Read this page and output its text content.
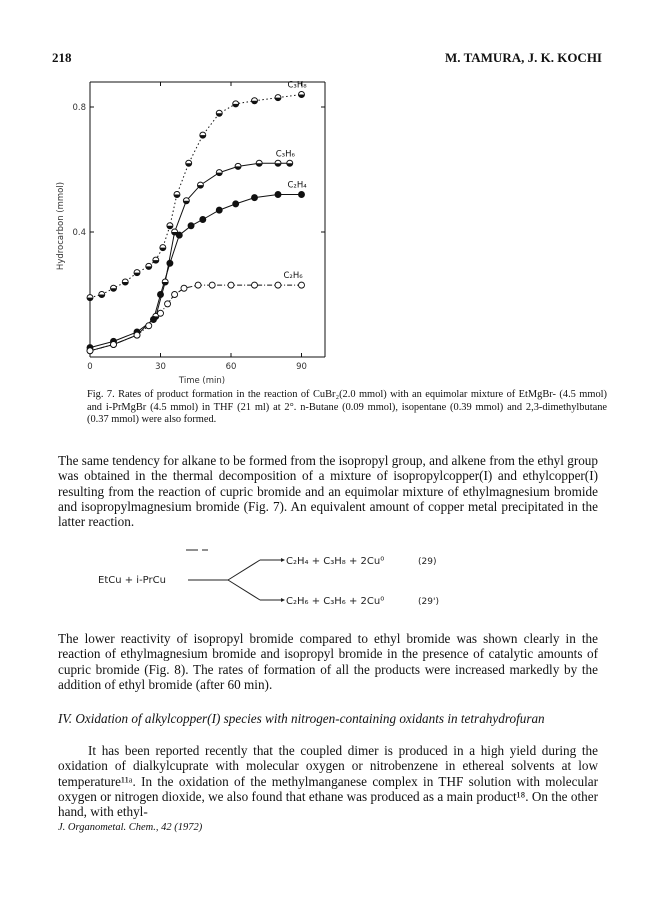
218	M. TAMURA, J. K. KOCHI
0	30	60	90
0.4
0.8
C₃H₈
C₃H₆
C₂H₄
C₂H₆
Hydrocarbon (mmol)
Time (min)
Fig. 7. Rates of product formation in the reaction of CuBr₂(2.0 mmol) with an equimolar mixture of EtMgBr- (4.5 mmol) and i-PrMgBr (4.5 mmol) in THF (21 ml) at 2°. n-Butane (0.09 mmol), isopentane (0.39 mmol) and 2,3-dimethylbutane (0.37 mmol) were also formed.
The same tendency for alkane to be formed from the isopropyl group, and alkene from the ethyl group was obtained in the thermal decomposition of a mixture of isopropylcopper(I) and ethylcopper(I) resulting from the reaction of cupric bromide and an equimolar mixture of ethylmagnesium bromide and isopropylmagnesium bromide (Fig. 7). An equivalent amount of copper metal precipitated in the latter reaction.
EtCu + i-PrCu
C₂H₄ + C₃H₈ + 2Cu⁰	(29)
C₂H₆ + C₃H₆ + 2Cu⁰	(29')
The lower reactivity of isopropyl bromide compared to ethyl bromide was shown clearly in the reaction of ethylmagnesium bromide and isopropyl bromide in the presence of catalytic amounts of cupric bromide (Fig. 8). The rates of formation of all the products were increased markedly by the addition of ethyl bromide (after 60 min).
IV. Oxidation of alkylcopper(I) species with nitrogen-containing oxidants in tetrahydrofuran
It has been reported recently that the coupled dimer is produced in a high yield during the oxidation of dialkylcuprate with molecular oxygen or nitrobenzene in ethereal solvents at low temperature¹¹ᵃ. In the oxidation of the methylmanganese complex in THF solution with molecular oxygen or nitrogen dioxide, we also found that ethane was produced as a main product¹⁸. On the other hand, with ethyl-
J. Organometal. Chem., 42 (1972)
